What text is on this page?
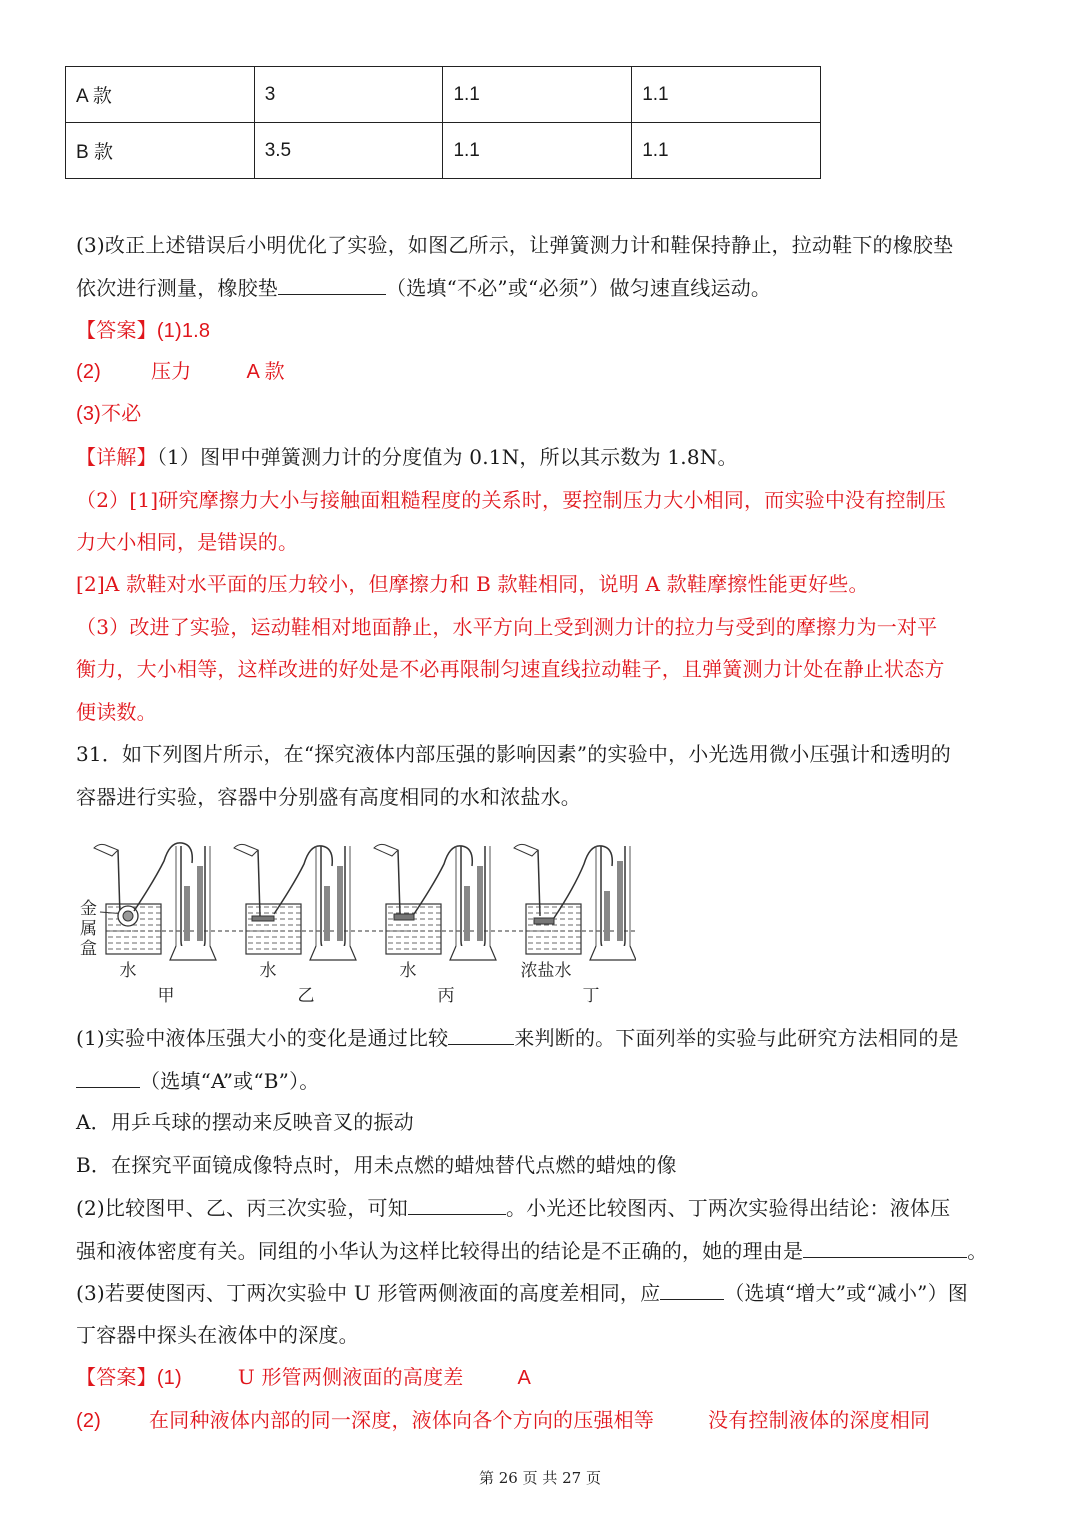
A 款	3	1.1	1.1
B 款	3.5	1.1	1.1
(3)改正上述错误后小明优化了实验，如图乙所示，让弹簧测力计和鞋保持静止，拉动鞋下的橡胶垫
依次进行测量，橡胶垫	（选填“不必”或“必须”）做匀速直线运动。
【答案】(1)1.8
(2)	压力	A 款
(3)不必
【详解】（1）图甲中弹簧测力计的分度值为 0.1N，所以其示数为 1.8N。
（2）[1]研究摩擦力大小与接触面粗糙程度的关系时，要控制压力大小相同，而实验中没有控制压
力大小相同，是错误的。
[2]A 款鞋对水平面的压力较小，但摩擦力和 B 款鞋相同，说明 A 款鞋摩擦性能更好些。
（3）改进了实验，运动鞋相对地面静止，水平方向上受到测力计的拉力与受到的摩擦力为一对平
衡力，大小相等，这样改进的好处是不必再限制匀速直线拉动鞋子，且弹簧测力计处在静止状态方
便读数。
31．如下列图片所示，在“探究液体内部压强的影响因素”的实验中，小光选用微小压强计和透明的
容器进行实验，容器中分别盛有高度相同的水和浓盐水。
金 属 盒
水
甲
水
乙
水
丙
浓盐水
丁
(1)实验中液体压强大小的变化是通过比较	来判断的。下面列举的实验与此研究方法相同的是
（选填“A”或“B”）。
A．用乒乓球的摆动来反映音叉的振动
B．在探究平面镜成像特点时，用未点燃的蜡烛替代点燃的蜡烛的像
(2)比较图甲、乙、丙三次实验，可知	。小光还比较图丙、丁两次实验得出结论：液体压
强和液体密度有关。同组的小华认为这样比较得出的结论是不正确的，她的理由是	。
(3)若要使图丙、丁两次实验中 U 形管两侧液面的高度差相同，应	（选填“增大”或“减小”）图
丁容器中探头在液体中的深度。
【答案】(1)	U 形管两侧液面的高度差	A
(2) 在同种液体内部的同一深度，液体向各个方向的压强相等	没有控制液体的深度相同
第 26 页 共 27 页
